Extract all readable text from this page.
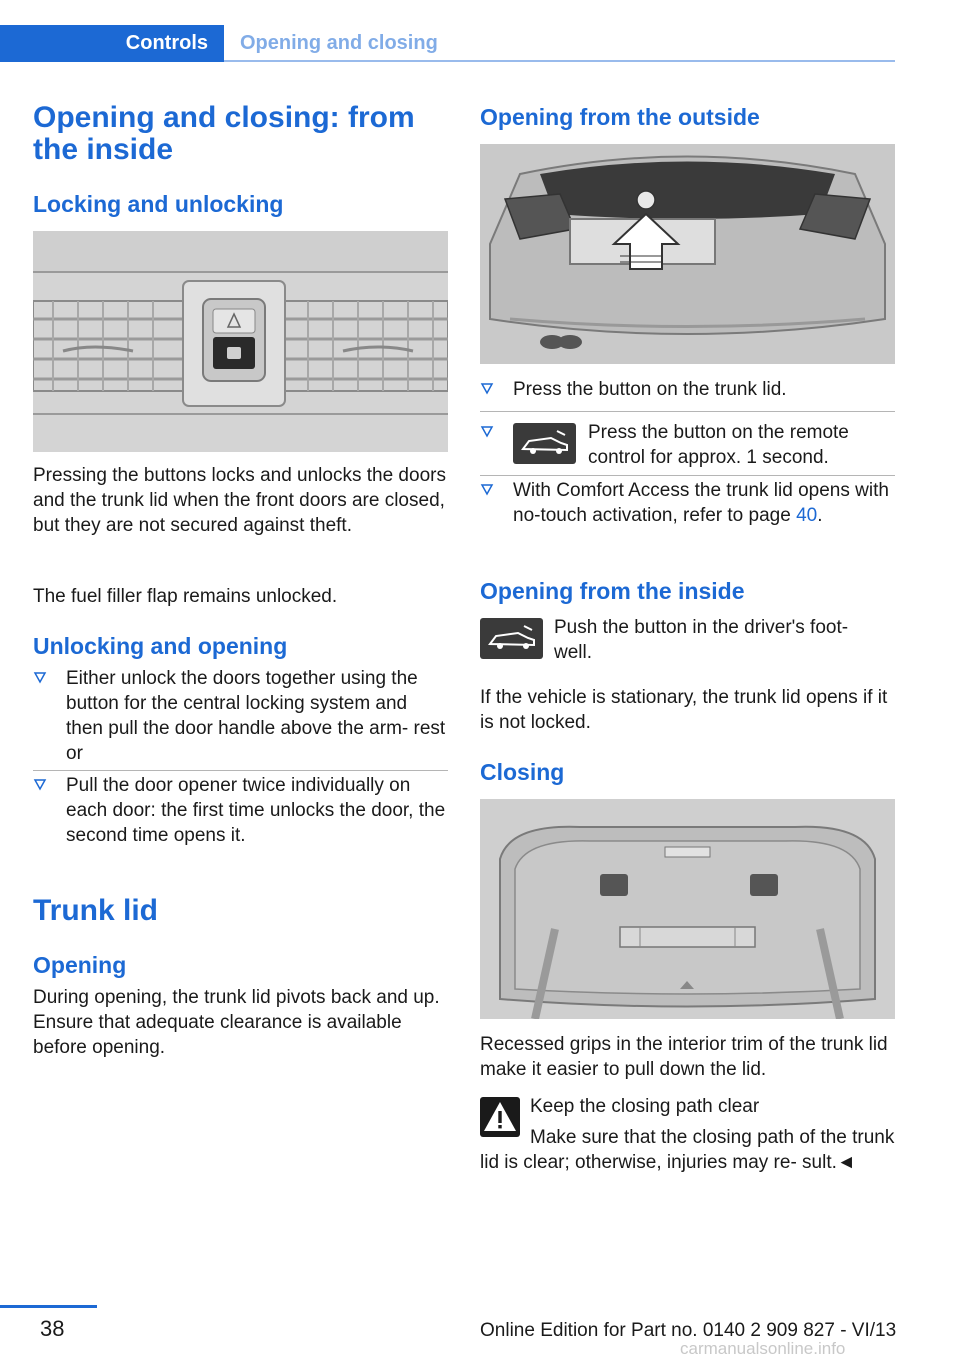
Controls	Opening and closing
Opening and closing: from the inside
Locking and unlocking
Pressing the buttons locks and unlocks the doors and the trunk lid when the front doors are closed, but they are not secured against theft.
The fuel filler flap remains unlocked.
Unlocking and opening
Either unlock the doors together using the button for the central locking system and then pull the door handle above the arm‐ rest or
Pull the door opener twice individually on each door: the first time unlocks the door, the second time opens it.
Trunk lid
Opening
During opening, the trunk lid pivots back and up. Ensure that adequate clearance is available before opening.
Opening from the outside
Press the button on the trunk lid.
Press the button on the remote control for approx. 1 second.
With Comfort Access the trunk lid opens with no-touch activation, refer to page 40.
Opening from the inside
Push the button in the driver's foot‐ well.
If the vehicle is stationary, the trunk lid opens if it is not locked.
Closing
Recessed grips in the interior trim of the trunk lid make it easier to pull down the lid.
Keep the closing path clear
Make sure that the closing path of the trunk lid is clear; otherwise, injuries may re‐ sult.◄
38	Online Edition for Part no. 0140 2 909 827 - VI/13
carmanualsonline.info
